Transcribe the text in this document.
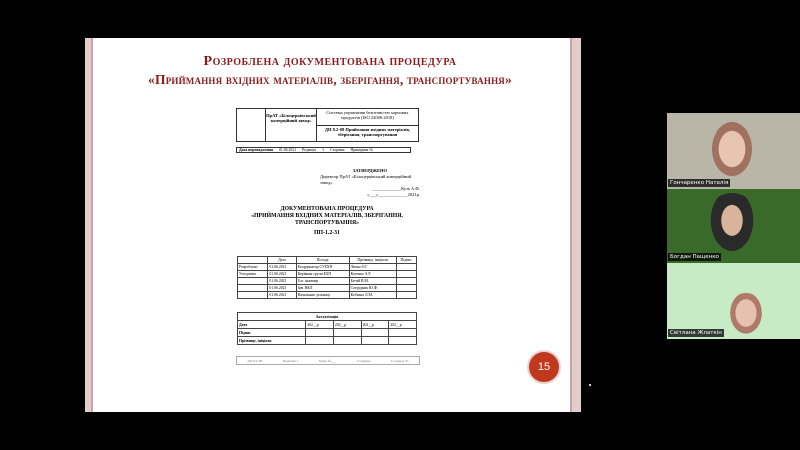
Розроблена документована процедура
«Приймання вхідних матеріалів, зберігання, транспортування»
ПрАТ «Білоцерківський комерційний завод»
Система управління безпечністю харчових продуктів (ISO 22000:2018)
ДП 8.2-08 Приймання вхідних матеріалів, зберігання, транспортування
Дата впровадження 01.06.2021 Редакція 1 Сторінка Примірник №
ЗАТВЕРДЖЕНО
Директор ПрАТ «Білоцерківський комерційний завод»
_____________Кузь А.Ф.
«___»_____________2021р.
ДОКУМЕНТОВАНА ПРОЦЕДУРА
«ПРИЙМАННЯ ВХІДНИХ МАТЕРІАЛІВ, ЗБЕРІГАННЯ, ТРАНСПОРТУВАННЯ»
ПП-1.2-31
	Дата	Посада	Прізвище, ініціали	Підпис
Розроблено	01.06.2021	Координатор СУБХП	Личко О.Г.	
Узгоджено	01.06.2021	Керівник групи БХП	Котенко А.Р.	
	01.06.2021	Гол. інженер	Бегий В.М.	
	01.06.2021	Зав. ВКЛ	Сотрудник Ю.Ф.	
	01.06.2021	Начальник дільниці	Кобзина Л.М.	
Актуалізація				
Дата	202__р	202__р	202__р	202__р
Підпис				
Прізвище, ініціали				
ДП 8.2-08	Редакція 1	Зміна №___	Сторінка	Сторінок 31
15
Гончаренко Наталія
Богдан Пащенко
Світлана Жлаткін
